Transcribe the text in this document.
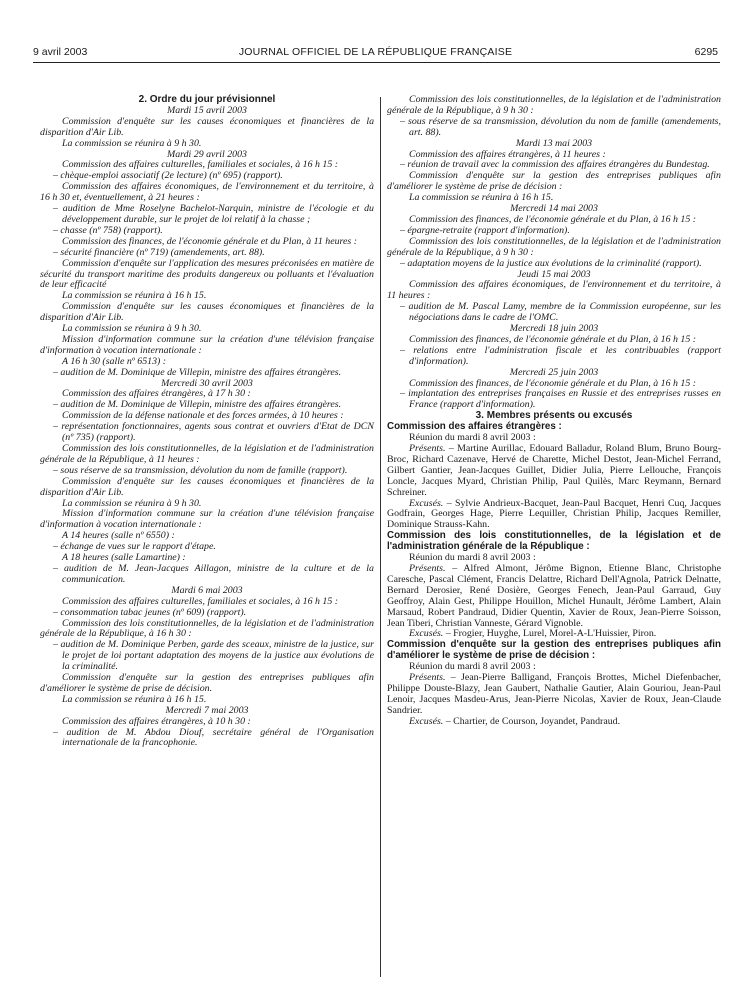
9 avril 2003	JOURNAL OFFICIEL DE LA RÉPUBLIQUE FRANÇAISE	6295

2. Ordre du jour prévisionnel

Mardi 15 avril 2003

Commission d'enquête sur les causes économiques et financières de la disparition d'Air Lib.

La commission se réunira à 9 h 30.

Mardi 29 avril 2003

Commission des affaires culturelles, familiales et sociales, à 16 h 15 :

– chèque-emploi associatif (2e lecture) (nº 695) (rapport).

Commission des affaires économiques, de l'environnement et du territoire, à 16 h 30 et, éventuellement, à 21 heures :

– audition de Mme Roselyne Bachelot-Narquin, ministre de l'écologie et du développement durable, sur le projet de loi relatif à la chasse ;

– chasse (nº 758) (rapport).

Commission des finances, de l'économie générale et du Plan, à 11 heures :

– sécurité financière (nº 719) (amendements, art. 88).

Commission d'enquête sur l'application des mesures préconisées en matière de sécurité du transport maritime des produits dangereux ou polluants et l'évaluation de leur efficacité

La commission se réunira à 16 h 15.

Commission d'enquête sur les causes économiques et financières de la disparition d'Air Lib.

La commission se réunira à 9 h 30.

Mission d'information commune sur la création d'une télévision française d'information à vocation internationale :

A 16 h 30 (salle nº 6513) :

– audition de M. Dominique de Villepin, ministre des affaires étrangères.

Mercredi 30 avril 2003

Commission des affaires étrangères, à 17 h 30 :

– audition de M. Dominique de Villepin, ministre des affaires étrangères.

Commission de la défense nationale et des forces armées, à 10 heures :

– représentation fonctionnaires, agents sous contrat et ouvriers d'Etat de DCN (nº 735) (rapport).

Commission des lois constitutionnelles, de la législation et de l'administration générale de la République, à 11 heures :

– sous réserve de sa transmission, dévolution du nom de famille (rapport).

Commission d'enquête sur les causes économiques et financières de la disparition d'Air Lib.

La commission se réunira à 9 h 30.

Mission d'information commune sur la création d'une télévision française d'information à vocation internationale :

A 14 heures (salle nº 6550) :

– échange de vues sur le rapport d'étape.

A 18 heures (salle Lamartine) :

– audition de M. Jean-Jacques Aillagon, ministre de la culture et de la communication.

Mardi 6 mai 2003

Commission des affaires culturelles, familiales et sociales, à 16 h 15 :

– consommation tabac jeunes (nº 609) (rapport).

Commission des lois constitutionnelles, de la législation et de l'administration générale de la République, à 16 h 30 :

– audition de M. Dominique Perben, garde des sceaux, ministre de la justice, sur le projet de loi portant adaptation des moyens de la justice aux évolutions de la criminalité.

Commission d'enquête sur la gestion des entreprises publiques afin d'améliorer le système de prise de décision.

La commission se réunira à 16 h 15.

Mercredi 7 mai 2003

Commission des affaires étrangères, à 10 h 30 :

– audition de M. Abdou Diouf, secrétaire général de l'Organisation internationale de la francophonie.

Commission des lois constitutionnelles, de la législation et de l'administration générale de la République, à 9 h 30 :

– sous réserve de sa transmission, dévolution du nom de famille (amendements, art. 88).

Mardi 13 mai 2003

Commission des affaires étrangères, à 11 heures :

– réunion de travail avec la commission des affaires étrangères du Bundestag.

Commission d'enquête sur la gestion des entreprises publiques afin d'améliorer le système de prise de décision :

La commission se réunira à 16 h 15.

Mercredi 14 mai 2003

Commission des finances, de l'économie générale et du Plan, à 16 h 15 :

– épargne-retraite (rapport d'information).

Commission des lois constitutionnelles, de la législation et de l'administration générale de la République, à 9 h 30 :

– adaptation moyens de la justice aux évolutions de la criminalité (rapport).

Jeudi 15 mai 2003

Commission des affaires économiques, de l'environnement et du territoire, à 11 heures :

– audition de M. Pascal Lamy, membre de la Commission européenne, sur les négociations dans le cadre de l'OMC.

Mercredi 18 juin 2003

Commission des finances, de l'économie générale et du Plan, à 16 h 15 :

– relations entre l'administration fiscale et les contribuables (rapport d'information).

Mercredi 25 juin 2003

Commission des finances, de l'économie générale et du Plan, à 16 h 15 :

– implantation des entreprises françaises en Russie et des entreprises russes en France (rapport d'information).

3. Membres présents ou excusés

Commission des affaires étrangères :

Réunion du mardi 8 avril 2003 :

Présents. – Martine Aurillac, Edouard Balladur, Roland Blum, Bruno Bourg-Broc, Richard Cazenave, Hervé de Charette, Michel Destot, Jean-Michel Ferrand, Gilbert Gantier, Jean-Jacques Guillet, Didier Julia, Pierre Lellouche, François Loncle, Jacques Myard, Christian Philip, Paul Quilès, Marc Reymann, Bernard Schreiner.

Excusés. – Sylvie Andrieux-Bacquet, Jean-Paul Bacquet, Henri Cuq, Jacques Godfrain, Georges Hage, Pierre Lequiller, Christian Philip, Jacques Remiller, Dominique Strauss-Kahn.

Commission des lois constitutionnelles, de la législation et de l'administration générale de la République :

Réunion du mardi 8 avril 2003 :

Présents. – Alfred Almont, Jérôme Bignon, Etienne Blanc, Christophe Caresche, Pascal Clément, Francis Delattre, Richard Dell'Agnola, Patrick Delnatte, Bernard Derosier, René Dosière, Georges Fenech, Jean-Paul Garraud, Guy Geoffroy, Alain Gest, Philippe Houillon, Michel Hunault, Jérôme Lambert, Alain Marsaud, Robert Pandraud, Didier Quentin, Xavier de Roux, Jean-Pierre Soisson, Jean Tiberi, Christian Vanneste, Gérard Vignoble.

Excusés. – Frogier, Huyghe, Lurel, Morel-A-L'Huissier, Piron.

Commission d'enquête sur la gestion des entreprises publiques afin d'améliorer le système de prise de décision :

Réunion du mardi 8 avril 2003 :

Présents. – Jean-Pierre Balligand, François Brottes, Michel Diefenbacher, Philippe Douste-Blazy, Jean Gaubert, Nathalie Gautier, Alain Gouriou, Jean-Paul Lenoir, Jacques Masdeu-Arus, Jean-Pierre Nicolas, Xavier de Roux, Jean-Claude Sandrier.

Excusés. – Chartier, de Courson, Joyandet, Pandraud.
